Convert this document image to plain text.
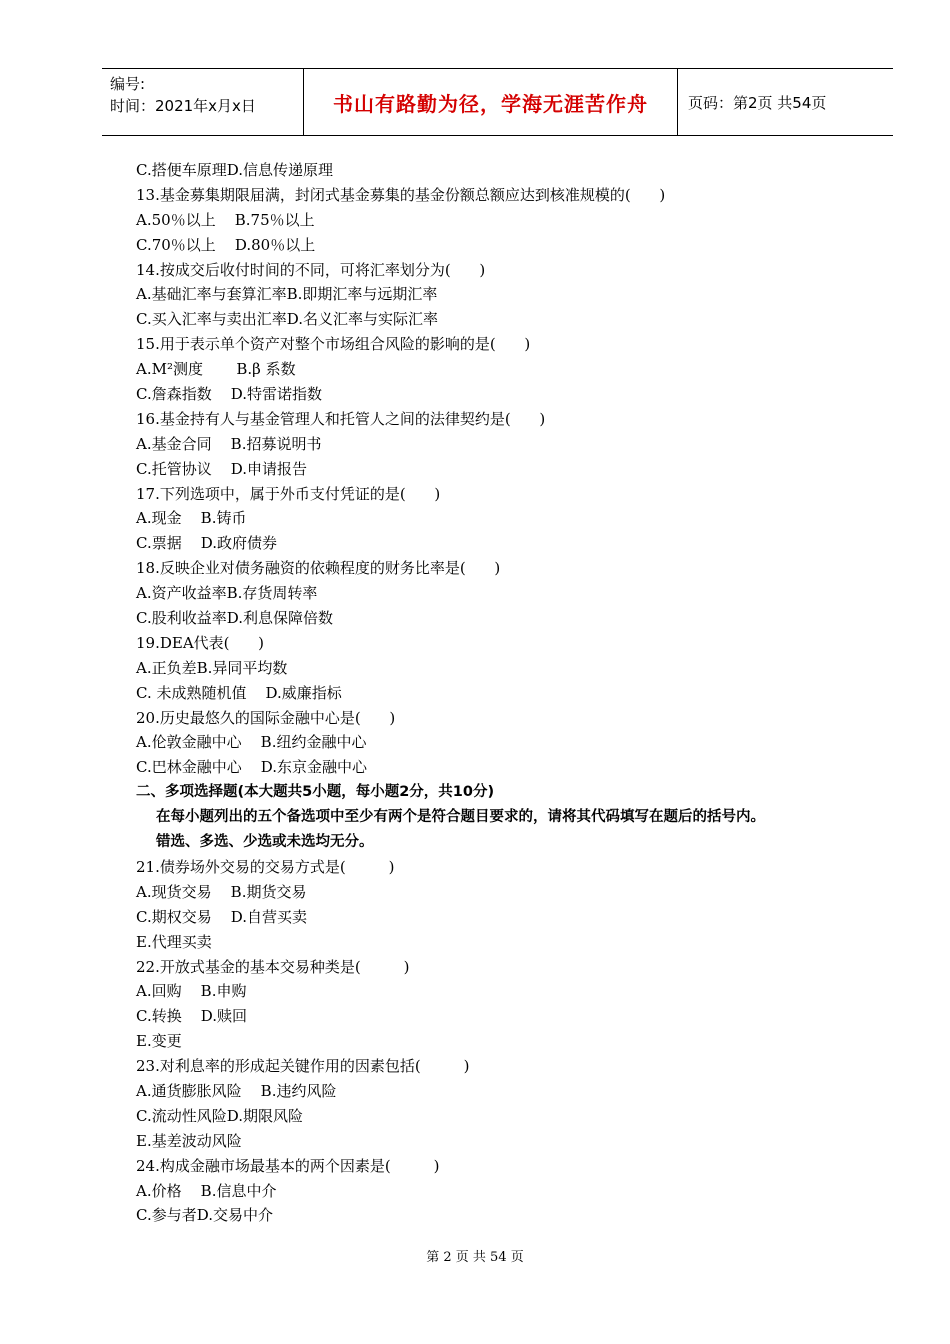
编号:
时间：2021年x月x日	书山有路勤为径，学海无涯苦作舟	页码：第2页 共54页
C.搭便车原理D.信息传递原理
13.基金募集期限届满，封闭式基金募集的基金份额总额应达到核准规模的(      )
A.50％以上    B.75％以上
C.70％以上    D.80％以上
14.按成交后收付时间的不同，可将汇率划分为(      )
A.基础汇率与套算汇率B.即期汇率与远期汇率
C.买入汇率与卖出汇率D.名义汇率与实际汇率
15.用于表示单个资产对整个市场组合风险的影响的是(      )
A.M²测度       B.β 系数
C.詹森指数    D.特雷诺指数
16.基金持有人与基金管理人和托管人之间的法律契约是(      )
A.基金合同    B.招募说明书
C.托管协议    D.申请报告
17.下列选项中，属于外币支付凭证的是(      )
A.现金    B.铸币
C.票据    D.政府债券
18.反映企业对债务融资的依赖程度的财务比率是(      )
A.资产收益率B.存货周转率
C.股利收益率D.利息保障倍数
19.DEA代表(      )
A.正负差B.异同平均数
C. 未成熟随机值    D.威廉指标
20.历史最悠久的国际金融中心是(      )
A.伦敦金融中心    B.纽约金融中心
C.巴林金融中心    D.东京金融中心
二、多项选择题(本大题共5小题，每小题2分，共10分)
在每小题列出的五个备选项中至少有两个是符合题目要求的，请将其代码填写在题后的括号内。
错选、多选、少选或未选均无分。
21.债券场外交易的交易方式是(         )
A.现货交易    B.期货交易
C.期权交易    D.自营买卖
E.代理买卖
22.开放式基金的基本交易种类是(         )
A.回购    B.申购
C.转换    D.赎回
E.变更
23.对利息率的形成起关键作用的因素包括(         )
A.通货膨胀风险    B.违约风险
C.流动性风险D.期限风险
E.基差波动风险
24.构成金融市场最基本的两个因素是(         )
A.价格    B.信息中介
C.参与者D.交易中介
第 2 页 共 54 页
